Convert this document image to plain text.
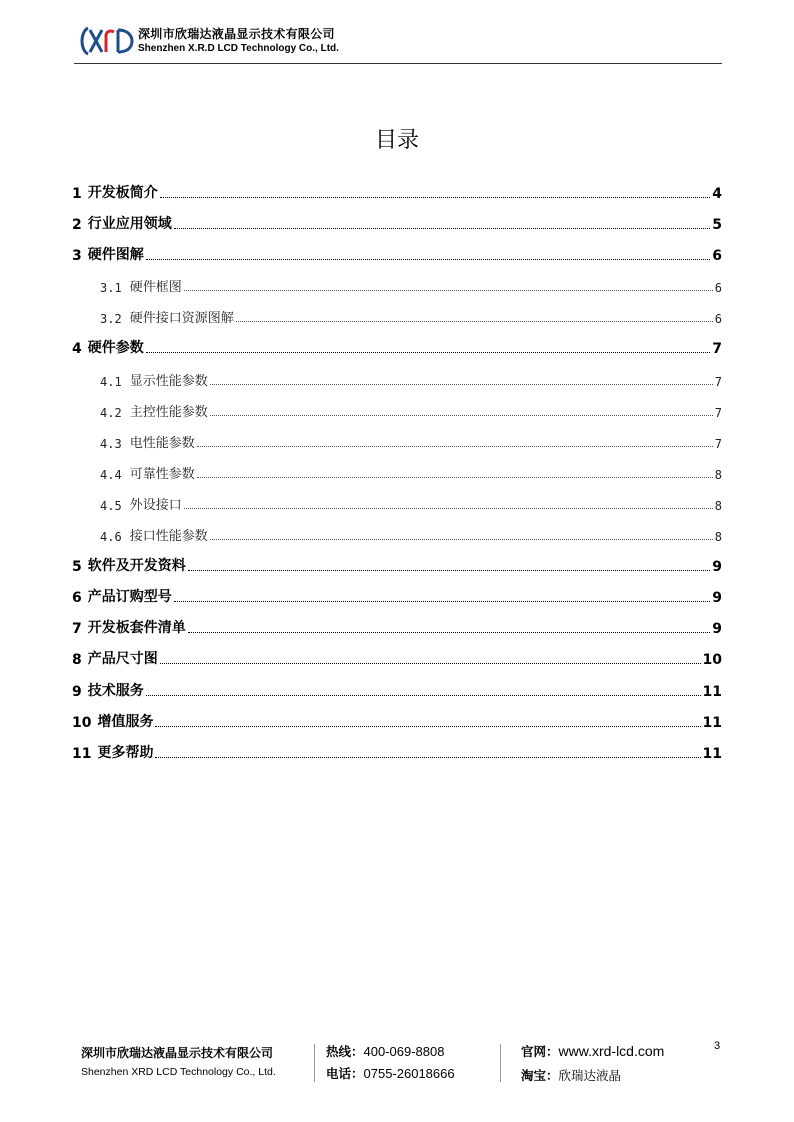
深圳市欣瑞达液晶显示技术有限公司
Shenzhen X.R.D LCD Technology Co., Ltd.
目录
1 开发板简介	4
2 行业应用领域	5
3 硬件图解	6
3.1 硬件框图	6
3.2 硬件接口资源图解	6
4 硬件参数	7
4.1 显示性能参数	7
4.2 主控性能参数	7
4.3 电性能参数	7
4.4 可靠性参数	8
4.5 外设接口	8
4.6 接口性能参数	8
5 软件及开发资料	9
6 产品订购型号	9
7 开发板套件清单	9
8 产品尺寸图	10
9 技术服务	11
10 增值服务	11
11 更多帮助	11
深圳市欣瑞达液晶显示技术有限公司
Shenzhen XRD LCD Technology Co., Ltd.
热线：400-069-8808
电话：0755-26018666
官网：www.xrd-lcd.com
淘宝：欣瑞达液晶
3
